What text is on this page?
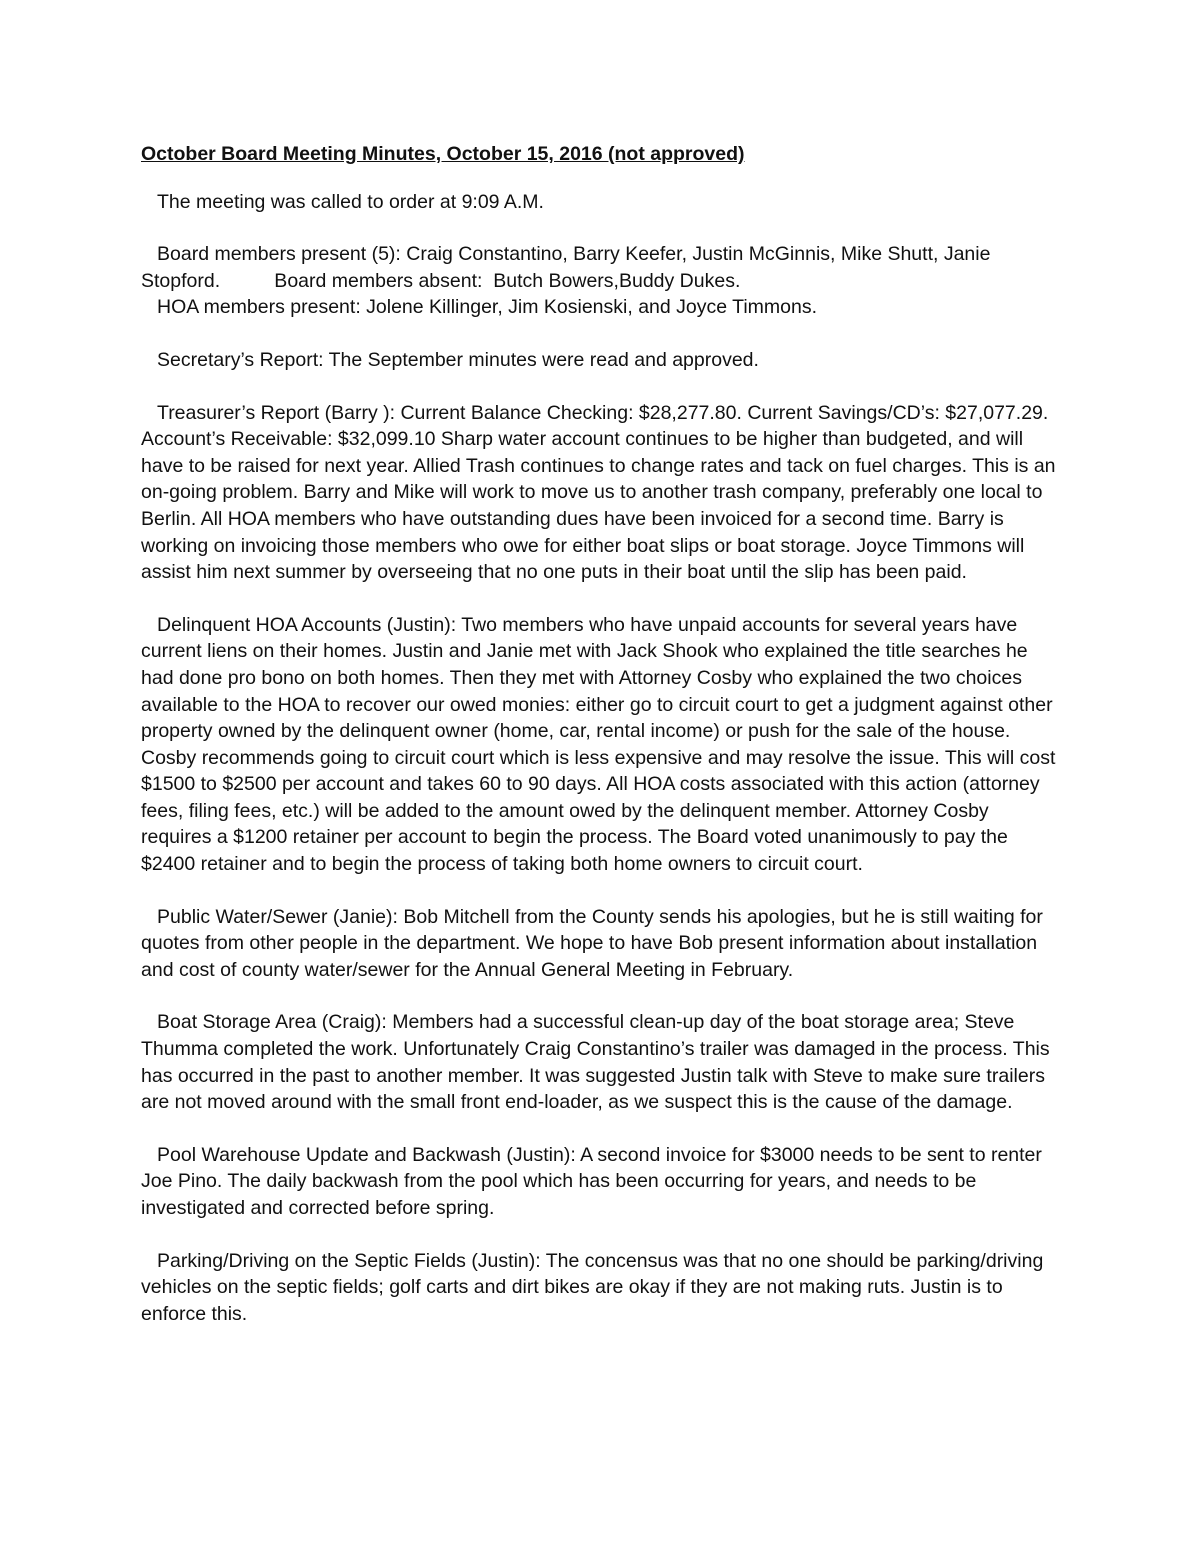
October Board Meeting Minutes, October 15, 2016 (not approved)

The meeting was called to order at 9:09 A.M.

Board members present (5): Craig Constantino, Barry Keefer, Justin McGinnis, Mike Shutt, Janie
Stopford.          Board members absent:  Butch Bowers,Buddy Dukes.
HOA members present: Jolene Killinger, Jim Kosienski, and Joyce Timmons.

Secretary’s Report: The September minutes were read and approved.

Treasurer’s Report (Barry ): Current Balance Checking: $28,277.80. Current Savings/CD’s: $27,077.29. Account’s Receivable: $32,099.10 Sharp water account continues to be higher than budgeted, and will have to be raised for next year. Allied Trash continues to change rates and tack on fuel charges. This is an on-going problem. Barry and Mike will work to move us to another trash company, preferably one local to Berlin. All HOA members who have outstanding dues have been invoiced for a second time. Barry is working on invoicing those members who owe for either boat slips or boat storage. Joyce Timmons will assist him next summer by overseeing that no one puts in their boat until the slip has been paid.

Delinquent HOA Accounts (Justin): Two members who have unpaid accounts for several years have current liens on their homes. Justin and Janie met with Jack Shook who explained the title searches he had done pro bono on both homes. Then they met with Attorney Cosby who explained the two choices available to the HOA to recover our owed monies: either go to circuit court to get a judgment against other property owned by the delinquent owner (home, car, rental income) or push for the sale of the house. Cosby recommends going to circuit court which is less expensive and may resolve the issue. This will cost $1500 to $2500 per account and takes 60 to 90 days. All HOA costs associated with this action (attorney fees, filing fees, etc.) will be added to the amount owed by the delinquent member. Attorney Cosby requires a $1200 retainer per account to begin the process. The Board voted unanimously to pay the $2400 retainer and to begin the process of taking both home owners to circuit court.

Public Water/Sewer (Janie): Bob Mitchell from the County sends his apologies, but he is still waiting for quotes from other people in the department. We hope to have Bob present information about installation and cost of county water/sewer for the Annual General Meeting in February.

Boat Storage Area (Craig): Members had a successful clean-up day of the boat storage area; Steve Thumma completed the work. Unfortunately Craig Constantino’s trailer was damaged in the process. This has occurred in the past to another member. It was suggested Justin talk with Steve to make sure trailers are not moved around with the small front end-loader, as we suspect this is the cause of the damage.

Pool Warehouse Update and Backwash (Justin): A second invoice for $3000 needs to be sent to renter Joe Pino. The daily backwash from the pool which has been occurring for years, and needs to be investigated and corrected before spring.

Parking/Driving on the Septic Fields (Justin): The concensus was that no one should be parking/driving vehicles on the septic fields; golf carts and dirt bikes are okay if they are not making ruts. Justin is to enforce this.
